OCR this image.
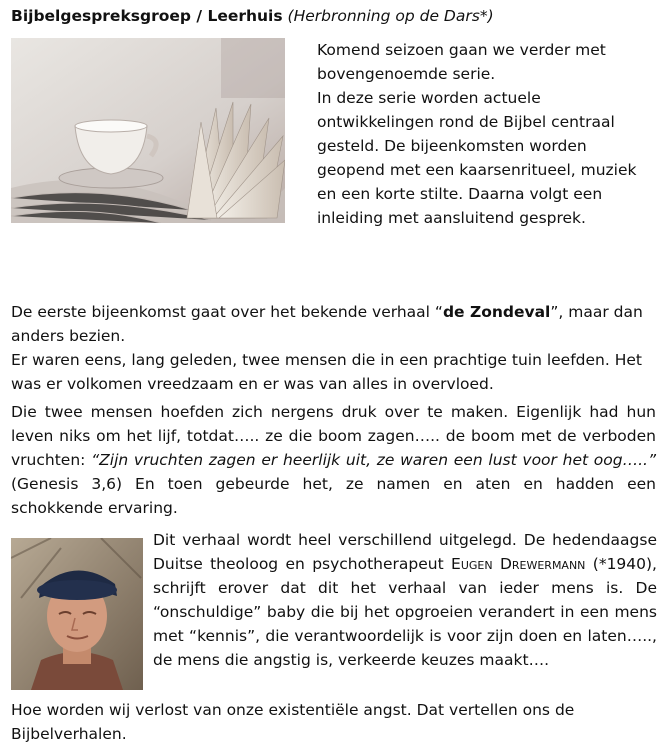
Bijbelgespreksgroep / Leerhuis (Herbronning op de Dars*)

Komend seizoen gaan we verder met bovengenoemde serie.

In deze serie worden actuele ontwikkelingen rond de Bijbel centraal gesteld. De bijeenkomsten worden geopend met een kaarsenritueel, muziek en een korte stilte. Daarna volgt een inleiding met aansluitend gesprek.

De eerste bijeenkomst gaat over het bekende verhaal “de Zondeval”, maar dan anders bezien.

Er waren eens, lang geleden, twee mensen die in een prachtige tuin leefden. Het was er volkomen vreedzaam en er was van alles in overvloed.

Die twee mensen hoefden zich nergens druk over te maken. Eigenlijk had hun leven niks om het lijf, totdat….. ze die boom zagen….. de boom met de verboden vruchten: “Zijn vruchten zagen er heerlijk uit, ze waren een lust voor het oog…..” (Genesis 3,6) En toen gebeurde het, ze namen en aten en hadden een schokkende ervaring.

Dit verhaal wordt heel verschillend uitgelegd. De hedendaagse Duitse theoloog en psychotherapeut Eugen Drewermann (*1940), schrijft erover dat dit het verhaal van ieder mens is. De “onschuldige” baby die bij het opgroeien verandert in een mens met “kennis”, die verantwoordelijk is voor zijn doen en laten….., de mens die angstig is, verkeerde keuzes maakt….

Hoe worden wij verlost van onze existentiële angst. Dat vertellen ons de Bijbelverhalen.
